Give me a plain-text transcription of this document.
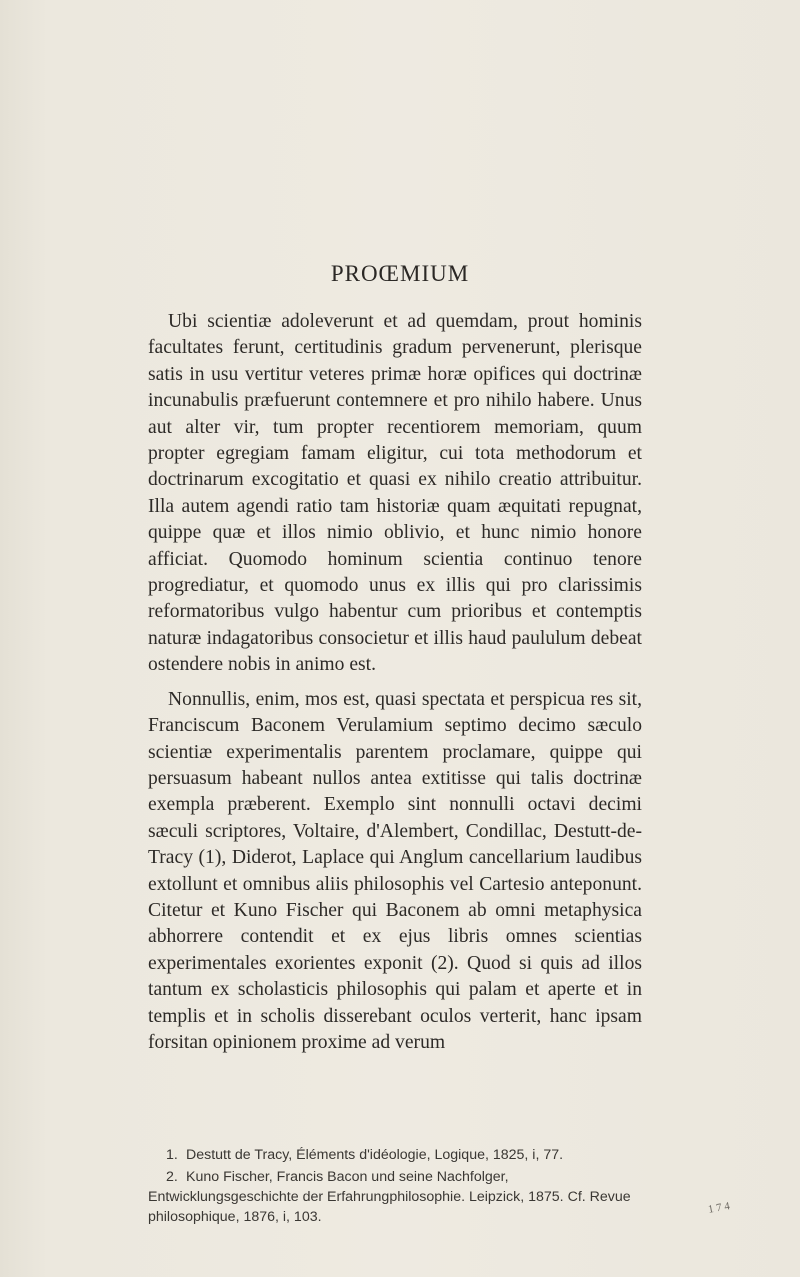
PROŒMIUM

Ubi scientiæ adoleverunt et ad quemdam, prout hominis facultates ferunt, certitudinis gradum pervenerunt, plerisque satis in usu vertitur veteres primæ horæ opifices qui doctrinæ incunabulis præfuerunt contemnere et pro nihilo habere. Unus aut alter vir, tum propter recentiorem memoriam, quum propter egregiam famam eligitur, cui tota methodorum et doctrinarum excogitatio et quasi ex nihilo creatio attribuitur. Illa autem agendi ratio tam historiæ quam æquitati repugnat, quippe quæ et illos nimio oblivio, et hunc nimio honore afficiat. Quomodo hominum scientia continuo tenore progrediatur, et quomodo unus ex illis qui pro clarissimis reformatoribus vulgo habentur cum prioribus et contemptis naturæ indagatoribus consocietur et illis haud paululum debeat ostendere nobis in animo est.

Nonnullis, enim, mos est, quasi spectata et perspicua res sit, Franciscum Baconem Verulamium septimo decimo sæculo scientiæ experimentalis parentem proclamare, quippe qui persuasum habeant nullos antea extitisse qui talis doctrinæ exempla præberent. Exemplo sint nonnulli octavi decimi sæculi scriptores, Voltaire, d'Alembert, Condillac, Destutt-de-Tracy (1), Diderot, Laplace qui Anglum cancellarium laudibus extollunt et omnibus aliis philosophis vel Cartesio anteponunt. Citetur et Kuno Fischer qui Baconem ab omni metaphysica abhorrere contendit et ex ejus libris omnes scientias experimentales exorientes exponit (2). Quod si quis ad illos tantum ex scholasticis philosophis qui palam et aperte et in templis et in scholis disserebant oculos verterit, hanc ipsam forsitan opinionem proxime ad verum

1. Destutt de Tracy, Éléments d'idéologie, Logique, 1825, i, 77.

2. Kuno Fischer, Francis Bacon und seine Nachfolger, Entwicklungsgeschichte der Erfahrungphilosophie. Leipzick, 1875. Cf. Revue philosophique, 1876, i, 103.

1 7 4
